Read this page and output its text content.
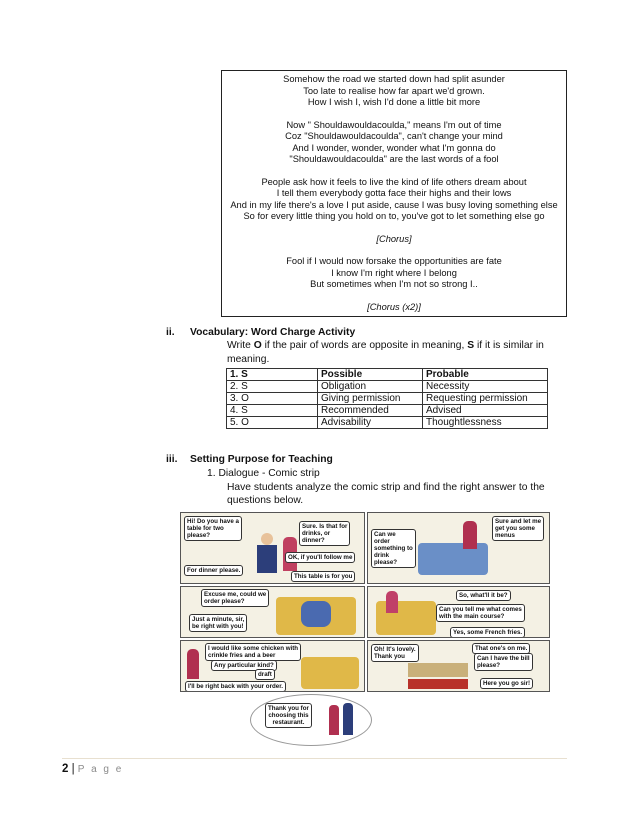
Somehow the road we started down had split asunder

Too late to realise how far apart we'd grown.

How I wish I, wish I'd done a little bit more

Now " Shouldawouldacoulda," means I'm out of time

Coz "Shouldawouldacoulda", can't change your mind

And I wonder, wonder, wonder what I'm gonna do

"Shouldawouldacoulda" are the last words of a fool

People ask how it feels to live the kind of life others dream about

I tell them everybody gotta face their highs and their lows

And in my life there's a love I put aside, cause I was busy loving something else

So for every little thing you hold on to, you've got to let something else go

[Chorus]

Fool if I would now forsake the opportunities are fate

I know I'm right where I belong

But sometimes when I'm not so strong I..

[Chorus (x2)]

ii. Vocabulary: Word Charge Activity
Write O if the pair of words are opposite in meaning, S if it is similar in
meaning.
1. S	Possible	Probable
2. S	Obligation	Necessity
3. O	Giving permission	Requesting permission
4. S	Recommended	Advised
5. O	Advisability	Thoughtlessness
iii. Setting Purpose for Teaching
1. Dialogue - Comic strip
Have students analyze the comic strip and find the right answer to the
questions below.
Hi! Do you have a
table for two
please?
Sure. Is that for
drinks, or
dinner?
OK, if you'll follow me
For dinner please.
This table is for you
Sure and let me
get you some
menus
Can we
order
something to
drink
please?
Excuse me, could we
order please?
Just a minute, sir,
be right with you!
So, what'll it be?
Can you tell me what comes
with the main course?
Yes, some French fries.
I would like some chicken with
crinkle fries and a beer
Any particular kind?
draft
I'll be right back with your order.
Oh! It's lovely.
Thank you
That one's on me.
Can I have the bill
please?
Here you go sir!
Thank you for
choosing this
restaurant.
2 | P a g e
